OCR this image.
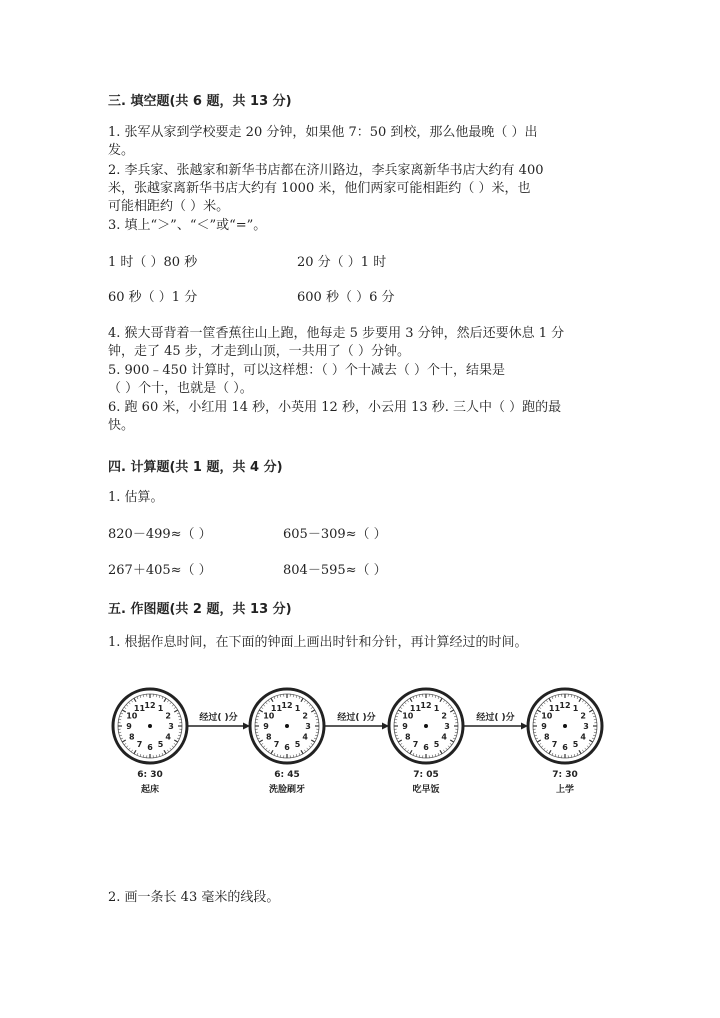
三. 填空题(共 6 题，共 13 分)
1. 张军从家到学校要走 20 分钟，如果他 7：50 到校，那么他最晚（ ）出
发。
2. 李兵家、张越家和新华书店都在济川路边，李兵家离新华书店大约有 400
米，张越家离新华书店大约有 1000 米，他们两家可能相距约（ ）米，也
可能相距约（ ）米。
3. 填上“＞”、“＜”或“=”。
1 时（ ）80 秒	20 分（ ）1 时
60 秒（ ）1 分	600 秒（ ）6 分
4. 猴大哥背着一筐香蕉往山上跑，他每走 5 步要用 3 分钟，然后还要休息 1 分
钟，走了 45 步，才走到山顶，一共用了（ ）分钟。
5. 900﹣450 计算时，可以这样想：（ ）个十减去（ ）个十，结果是
（ ）个十，也就是（ ）。
6. 跑 60 米，小红用 14 秒，小英用 12 秒，小云用 13 秒. 三人中（ ）跑的最
快。
四. 计算题(共 1 题，共 4 分)
1. 估算。
820－499≈（ ）	605－309≈（ ）
267＋405≈（ ）	804－595≈（ ）
五. 作图题(共 2 题，共 13 分)
1. 根据作息时间，在下面的钟面上画出时针和分针，再计算经过的时间。
1
2
3
4
5
6
7
8
9
10
11 12
6: 30
起床
经过( )分
1
2
3
4
5
6
7
8
9
10
11 12
6: 45
洗脸刷牙
经过( )分
1
2
3
4
5
6
7
8
9
10
11 12
7: 05
吃早饭
经过( )分
1
2
3
4
5
6
7
8
9
10
11 12
7: 30
上学
2. 画一条长 43 毫米的线段。
